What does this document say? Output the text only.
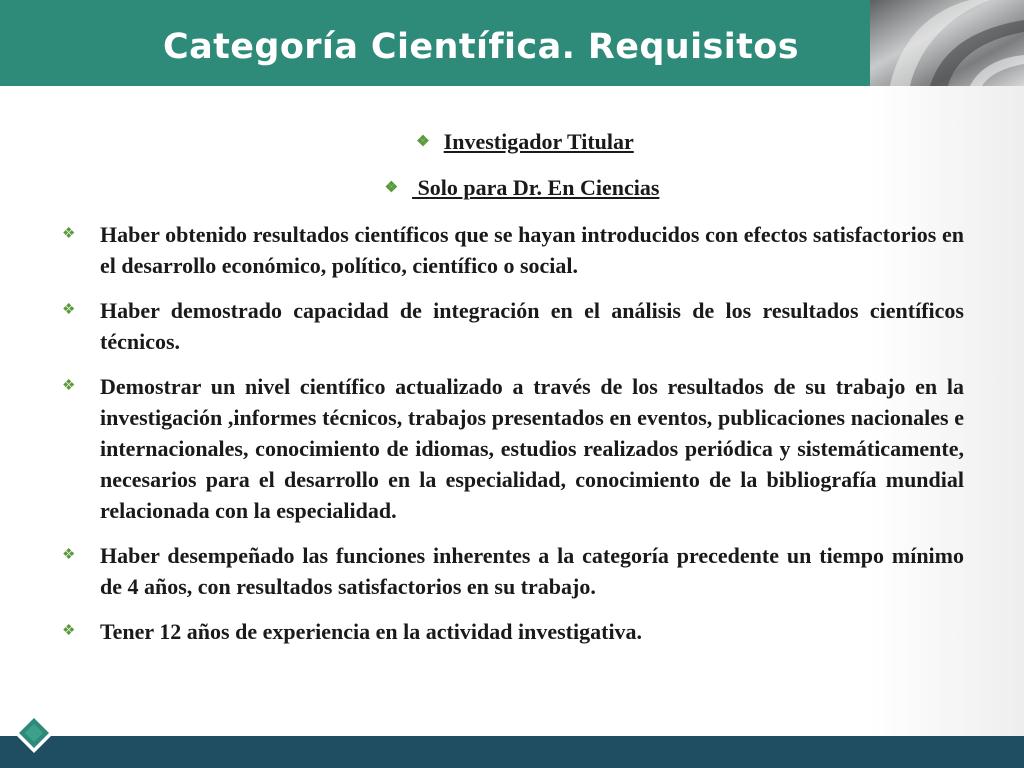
Categoría Científica. Requisitos
❖ Investigador Titular
❖ Solo para Dr. En Ciencias
❖	Haber obtenido resultados científicos que se hayan introducidos con efectos satisfactorios en el desarrollo económico, político, científico o social.
❖	Haber demostrado capacidad de integración en el análisis de los resultados científicos técnicos.
❖	Demostrar un nivel científico actualizado a través de los resultados de su trabajo en la investigación ,informes técnicos, trabajos presentados en eventos, publicaciones nacionales e internacionales, conocimiento de idiomas, estudios realizados periódica y sistemáticamente, necesarios para el desarrollo en la especialidad, conocimiento de la bibliografía mundial relacionada con la especialidad.
❖	Haber desempeñado las funciones inherentes a la categoría precedente un tiempo mínimo de 4 años, con resultados satisfactorios en su trabajo.
❖	Tener 12 años de experiencia en la actividad investigativa.
